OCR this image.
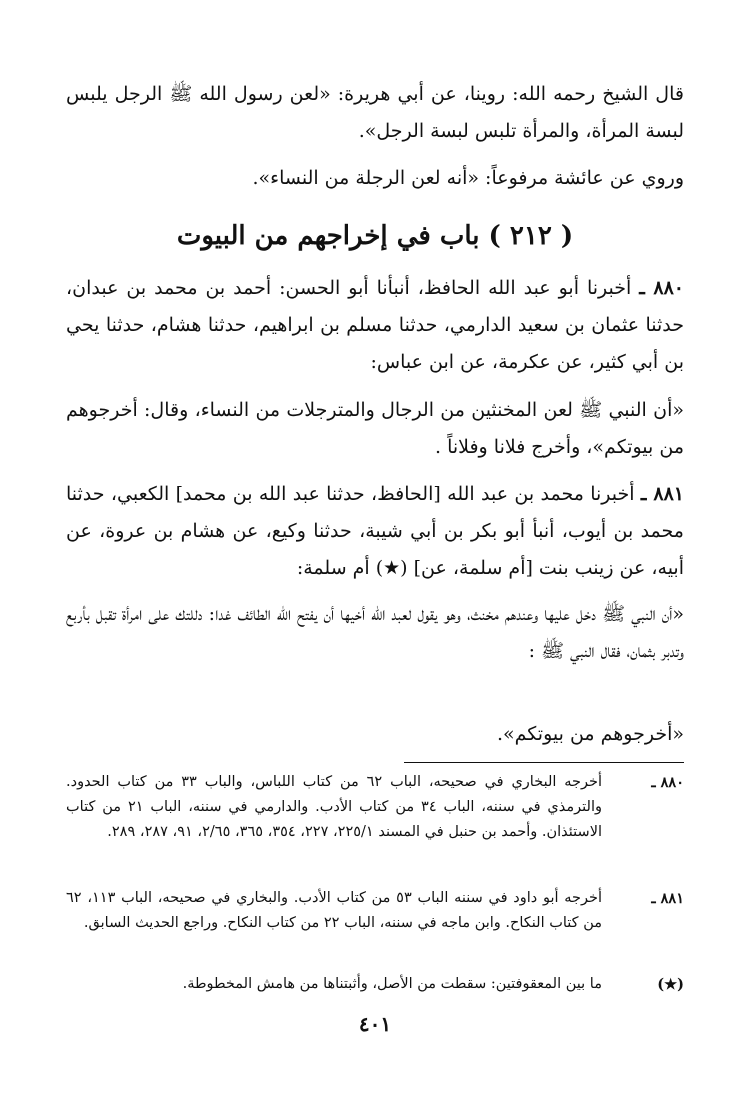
قال الشيخ رحمه الله: روينا، عن أبي هريرة: «لعن رسول الله ﷺ الرجل يلبس لبسة المرأة، والمرأة تلبس لبسة الرجل».

وروي عن عائشة مرفوعاً: «أنه لعن الرجلة من النساء».

( ٢١٢ ) باب في إخراجهم من البيوت

٨٨٠ ـ أخبرنا أبو عبد الله الحافظ، أنبأنا أبو الحسن: أحمد بن محمد بن عبدان، حدثنا عثمان بن سعيد الدارمي، حدثنا مسلم بن ابراهيم، حدثنا هشام، حدثنا يحي بن أبي كثير، عن عكرمة، عن ابن عباس:

«أن النبي ﷺ لعن المخنثين من الرجال والمترجلات من النساء، وقال: أخرجوهم من بيوتكم»، وأخرج فلانا وفلاناً .

٨٨١ ـ أخبرنا محمد بن عبد الله [الحافظ، حدثنا عبد الله بن محمد] الكعبي، حدثنا محمد بن أيوب، أنبأ أبو بكر بن أبي شيبة، حدثنا وكيع، عن هشام بن عروة، عن أبيه، عن زينب بنت [أم سلمة، عن] (★) أم سلمة:

«أن النبي ﷺ دخل عليها وعندهم مخنث، وهو يقول لعبد الله أخيها أن يفتح الله الطائف غدا: دللتك على امرأة تقبل بأربع وتدبر بثمان، فقال النبي ﷺ :

«أخرجوهم من بيوتكم».

٨٨٠ ـ

أخرجه البخاري في صحيحه، الباب ٦٢ من كتاب اللباس، والباب ٣٣ من كتاب الحدود. والترمذي في سننه، الباب ٣٤ من كتاب الأدب. والدارمي في سننه، الباب ٢١ من كتاب الاستئذان. وأحمد بن حنبل في المسند ٢٢٥/١، ٢٢٧، ٣٥٤، ٣٦٥، ٢/٦٥، ٩١، ٢٨٧، ٢٨٩.

٨٨١ ـ

أخرجه أبو داود في سننه الباب ٥٣ من كتاب الأدب. والبخاري في صحيحه، الباب ١١٣، ٦٢ من كتاب النكاح. وابن ماجه في سننه، الباب ٢٢ من كتاب النكاح. وراجع الحديث السابق.

(★)

ما بين المعقوفتين: سقطت من الأصل، وأثبتناها من هامش المخطوطة.

٤٠١
